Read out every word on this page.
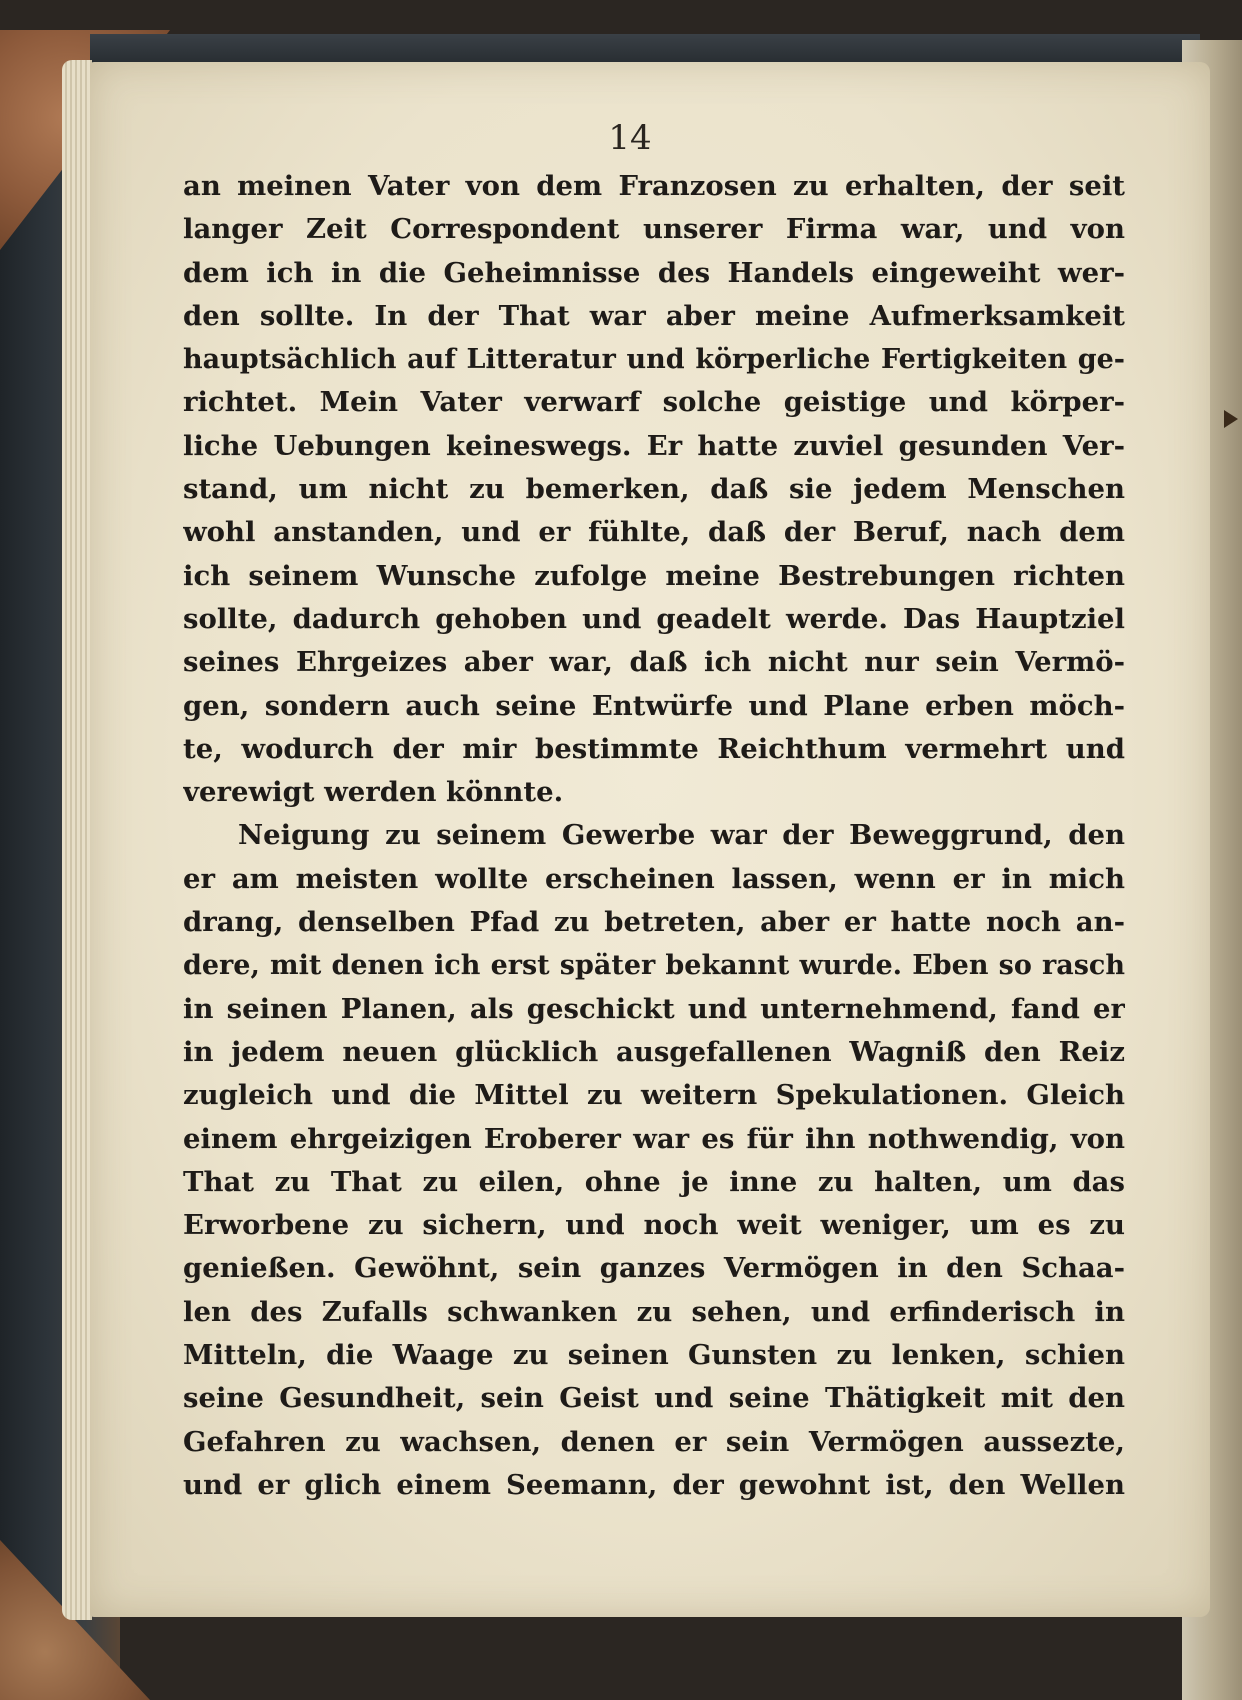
14
an meinen Vater von dem Franzosen zu erhalten, der seit
langer Zeit Correspondent unserer Firma war, und von
dem ich in die Geheimnisse des Handels eingeweiht wer-
den sollte. In der That war aber meine Aufmerksamkeit
hauptsächlich auf Litteratur und körperliche Fertigkeiten ge-
richtet. Mein Vater verwarf solche geistige und körper-
liche Uebungen keineswegs. Er hatte zuviel gesunden Ver-
stand, um nicht zu bemerken, daß sie jedem Menschen
wohl anstanden, und er fühlte, daß der Beruf, nach dem
ich seinem Wunsche zufolge meine Bestrebungen richten
sollte, dadurch gehoben und geadelt werde. Das Hauptziel
seines Ehrgeizes aber war, daß ich nicht nur sein Vermö-
gen, sondern auch seine Entwürfe und Plane erben möch-
te, wodurch der mir bestimmte Reichthum vermehrt und
verewigt werden könnte.
Neigung zu seinem Gewerbe war der Beweggrund, den
er am meisten wollte erscheinen lassen, wenn er in mich
drang, denselben Pfad zu betreten, aber er hatte noch an-
dere, mit denen ich erst später bekannt wurde. Eben so rasch
in seinen Planen, als geschickt und unternehmend, fand er
in jedem neuen glücklich ausgefallenen Wagniß den Reiz
zugleich und die Mittel zu weitern Spekulationen. Gleich
einem ehrgeizigen Eroberer war es für ihn nothwendig, von
That zu That zu eilen, ohne je inne zu halten, um das
Erworbene zu sichern, und noch weit weniger, um es zu
genießen. Gewöhnt, sein ganzes Vermögen in den Schaa-
len des Zufalls schwanken zu sehen, und erfinderisch in
Mitteln, die Waage zu seinen Gunsten zu lenken, schien
seine Gesundheit, sein Geist und seine Thätigkeit mit den
Gefahren zu wachsen, denen er sein Vermögen aussezte,
und er glich einem Seemann, der gewohnt ist, den Wellen
